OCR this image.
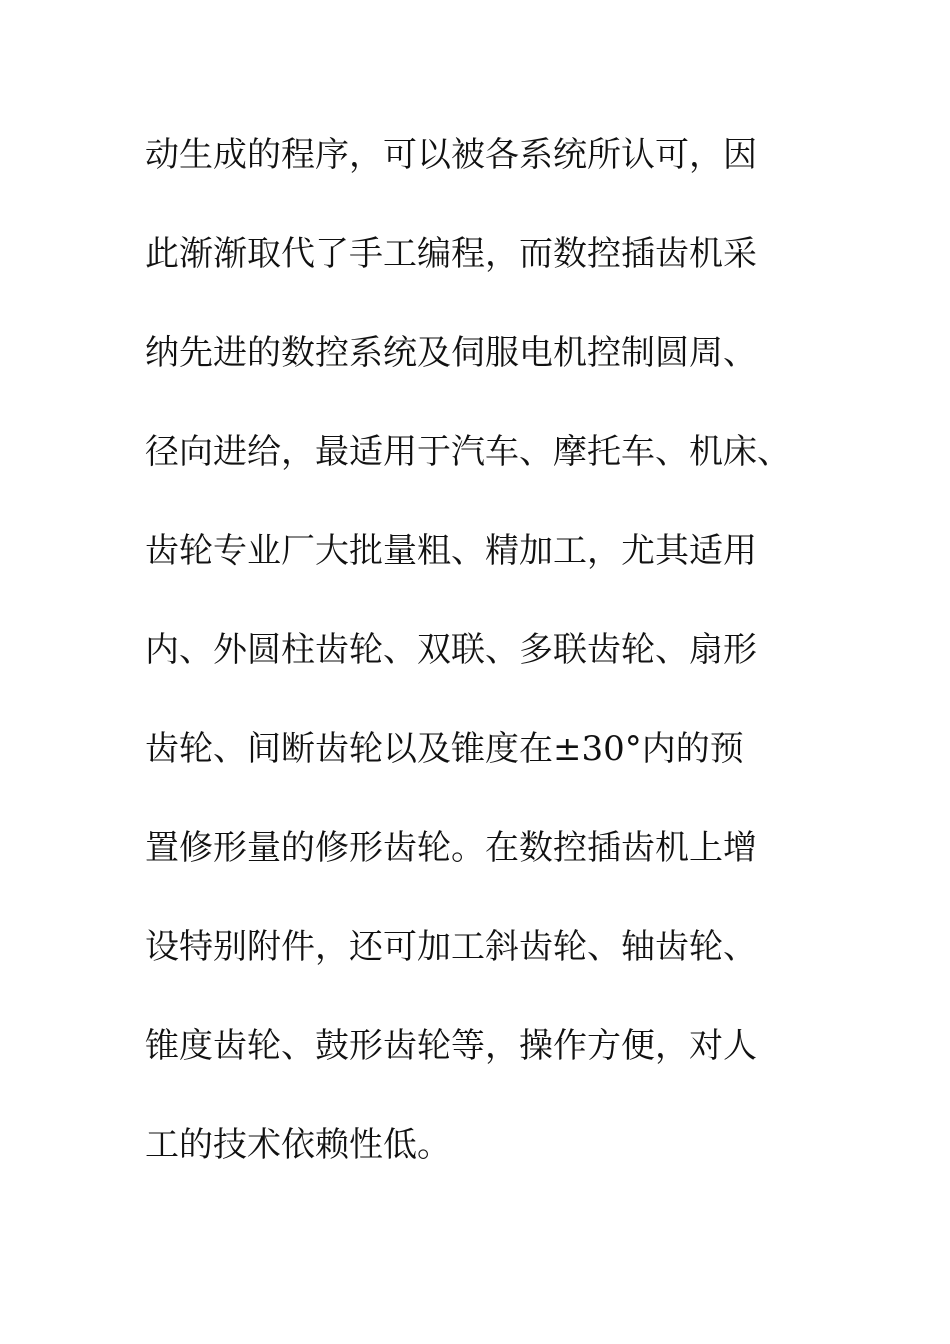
动生成的程序，可以被各系统所认可，因
此渐渐取代了手工编程，而数控插齿机采
纳先进的数控系统及伺服电机控制圆周、
径向进给，最适用于汽车、摩托车、机床、
齿轮专业厂大批量粗、精加工，尤其适用
内、外圆柱齿轮、双联、多联齿轮、扇形
齿轮、间断齿轮以及锥度在±30°内的预
置修形量的修形齿轮。在数控插齿机上增
设特别附件，还可加工斜齿轮、轴齿轮、
锥度齿轮、鼓形齿轮等，操作方便，对人
工的技术依赖性低。
